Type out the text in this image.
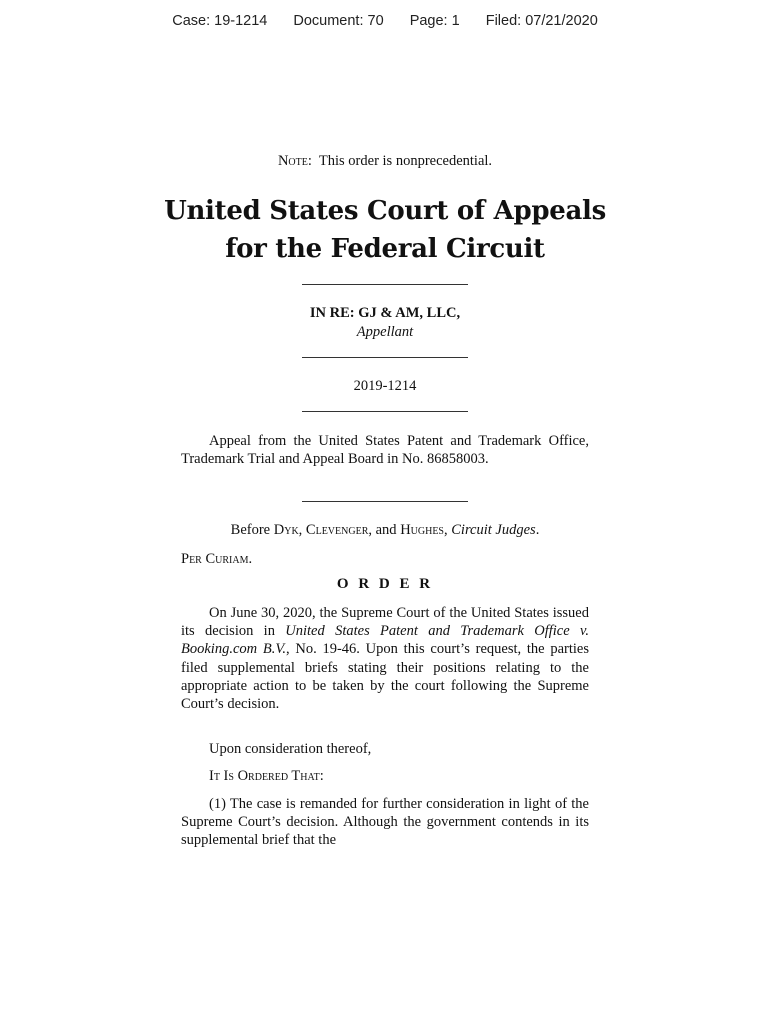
Case: 19-1214 Document: 70 Page: 1 Filed: 07/21/2020
Note: This order is nonprecedential.
United States Court of Appeals
for the Federal Circuit
IN RE: GJ & AM, LLC,
Appellant
2019-1214
Appeal from the United States Patent and Trademark Office, Trademark Trial and Appeal Board in No. 86858003.
Before Dyk, Clevenger, and Hughes, Circuit Judges.
Per Curiam.
O R D E R
On June 30, 2020, the Supreme Court of the United States issued its decision in United States Patent and Trademark Office v. Booking.com B.V., No. 19-46. Upon this court’s request, the parties filed supplemental briefs stating their positions relating to the appropriate action to be taken by the court following the Supreme Court’s decision.
Upon consideration thereof,
It Is Ordered That:
(1) The case is remanded for further consideration in light of the Supreme Court’s decision. Although the government contends in its supplemental brief that the
